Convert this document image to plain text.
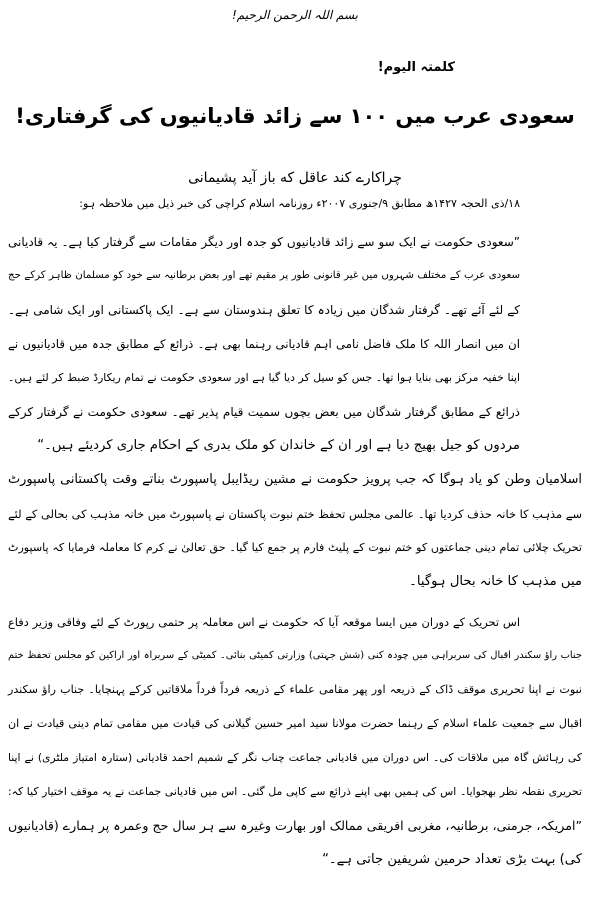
بسم اللہ الرحمن الرحیم!
کلمتہ الیوم!
سعودی عرب میں ۱۰۰ سے زائد قادیانیوں کی گرفتاری!
چراکارے کند عاقل که باز آید پشیمانی
۱۸/ذی الحجہ ۱۴۲۷ھ مطابق ۹/جنوری ۲۰۰۷ء روزنامہ اسلام کراچی کی خبر ذیل میں ملاحظہ ہو:
”سعودی حکومت نے ایک سو سے زائد قادیانیوں کو جدہ اور دیگر مقامات سے گرفتار کیا ہے۔ یہ قادیانی
سعودی عرب کے مختلف شہروں میں غیر قانونی طور پر مقیم تھے اور بعض برطانیہ سے خود کو مسلمان ظاہر کرکے حج
کے لئے آئے تھے۔ گرفتار شدگان میں زیادہ کا تعلق ہندوستان سے ہے۔ ایک پاکستانی اور ایک شامی ہے۔
ان میں انصار اللہ کا ملک فاضل نامی اہم قادیانی رہنما بھی ہے۔ ذرائع کے مطابق جدہ میں قادیانیوں نے
اپنا خفیہ مرکز بھی بنایا ہوا تھا۔ جس کو سیل کر دیا گیا ہے اور سعودی حکومت نے تمام ریکارڈ ضبط کر لئے ہیں۔
ذرائع کے مطابق گرفتار شدگان میں بعض بچوں سمیت قیام پذیر تھے۔ سعودی حکومت نے گرفتار کرکے
مردوں کو جیل بھیج دیا ہے اور ان کے خاندان کو ملک بدری کے احکام جاری کردیئے ہیں۔“
اسلامیان وطن کو یاد ہوگا کہ جب پرویز حکومت نے مشین ریڈایبل پاسپورٹ بناتے وقت پاکستانی پاسپورٹ
سے مذہب کا خانہ حذف کردیا تھا۔ عالمی مجلس تحفظ ختم نبوت پاکستان نے پاسپورٹ میں خانہ مذہب کی بحالی کے لئے
تحریک چلائی تمام دینی جماعتوں کو ختم نبوت کے پلیٹ فارم پر جمع کیا گیا۔ حق تعالیٰ نے کرم کا معاملہ فرمایا کہ پاسپورٹ
میں مذہب کا خانہ بحال ہوگیا۔
اس تحریک کے دوران میں ایسا موقعہ آیا کہ حکومت نے اس معاملہ پر حتمی رپورٹ کے لئے وفاقی وزیر دفاع
جناب راؤ سکندر اقبال کی سربراہی میں چودہ کنی (شش جہتی) وزارتی کمیٹی بنائی۔ کمیٹی کے سربراہ اور اراکین کو مجلس تحفظ ختم
نبوت نے اپنا تحریری موقف ڈاک کے ذریعہ اور پھر مقامی علماء کے ذریعہ فرداً فرداً ملاقاتیں کرکے پہنچایا۔ جناب راؤ سکندر
اقبال سے جمعیت علماء اسلام کے رہنما حضرت مولانا سید امیر حسین گیلانی کی قیادت میں مقامی تمام دینی قیادت نے ان
کی رہائش گاہ میں ملاقات کی۔ اس دوران میں قادیانی جماعت چناب نگر کے شمیم احمد قادیانی (ستارہ امتیاز ملٹری) نے اپنا
تحریری نقطہ نظر بھجوایا۔ اس کی ہمیں بھی اپنے ذرائع سے کاپی مل گئی۔ اس میں قادیانی جماعت نے یہ موقف اختیار کیا کہ:
”امریکہ، جرمنی، برطانیہ، مغربی افریقی ممالک اور بھارت وغیرہ سے ہر سال حج وعمرہ پر ہمارے (قادیانیوں
کی) بہت بڑی تعداد حرمین شریفین جاتی ہے۔“
